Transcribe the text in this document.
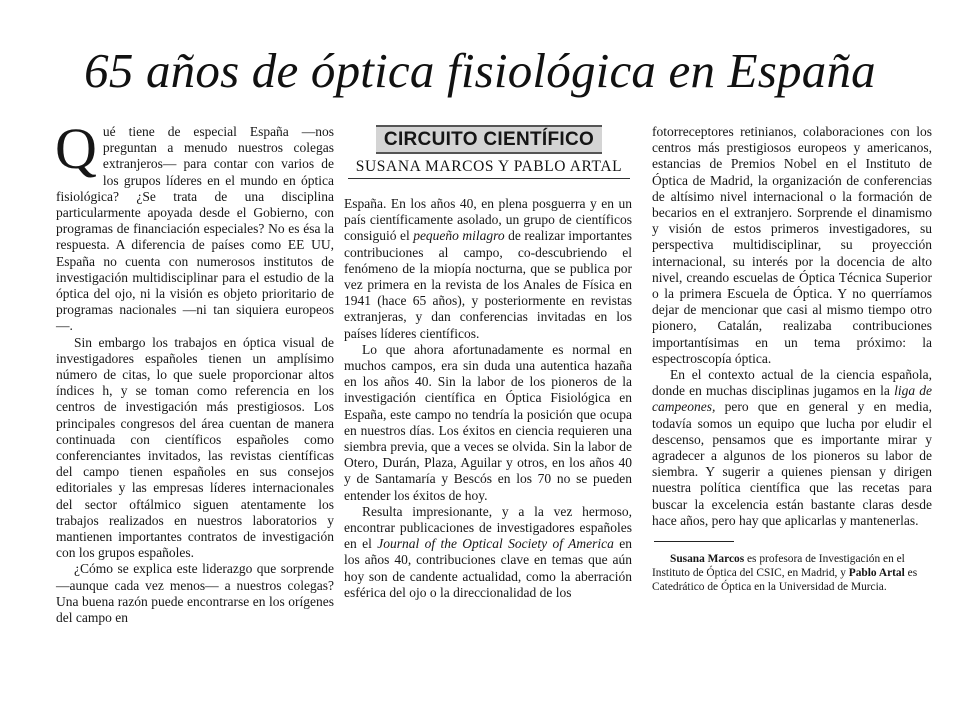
65 años de óptica fisiológica en España

Qué tiene de especial España —nos preguntan a menudo nuestros colegas extranjeros— para contar con varios de los grupos líderes en el mundo en óptica fisiológica? ¿Se trata de una disciplina particularmente apoyada desde el Gobierno, con programas de financiación especiales? No es ésa la respuesta. A diferencia de países como EE UU, España no cuenta con numerosos institutos de investigación multidisciplinar para el estudio de la óptica del ojo, ni la visión es objeto prioritario de programas nacionales —ni tan siquiera europeos—.

Sin embargo los trabajos en óptica visual de investigadores españoles tienen un amplísimo número de citas, lo que suele proporcionar altos índices h, y se toman como referencia en los centros de investigación más prestigiosos. Los principales congresos del área cuentan de manera continuada con científicos españoles como conferenciantes invitados, las revistas científicas del campo tienen españoles en sus consejos editoriales y las empresas líderes internacionales del sector oftálmico siguen atentamente los trabajos realizados en nuestros laboratorios y mantienen importantes contratos de investigación con los grupos españoles.

¿Cómo se explica este liderazgo que sorprende —aunque cada vez menos— a nuestros colegas? Una buena razón puede encontrarse en los orígenes del campo en

CIRCUITO CIENTÍFICO
SUSANA MARCOS Y PABLO ARTAL

España. En los años 40, en plena posguerra y en un país científicamente asolado, un grupo de científicos consiguió el pequeño milagro de realizar importantes contribuciones al campo, co-descubriendo el fenómeno de la miopía nocturna, que se publica por vez primera en la revista de los Anales de Física en 1941 (hace 65 años), y posteriormente en revistas extranjeras, y dan conferencias invitadas en los países líderes científicos.

Lo que ahora afortunadamente es normal en muchos campos, era sin duda una autentica hazaña en los años 40. Sin la labor de los pioneros de la investigación científica en Óptica Fisiológica en España, este campo no tendría la posición que ocupa en nuestros días. Los éxitos en ciencia requieren una siembra previa, que a veces se olvida. Sin la labor de Otero, Durán, Plaza, Aguilar y otros, en los años 40 y de Santamaría y Bescós en los 70 no se pueden entender los éxitos de hoy.

Resulta impresionante, y a la vez hermoso, encontrar publicaciones de investigadores españoles en el Journal of the Optical Society of America en los años 40, contribuciones clave en temas que aún hoy son de candente actualidad, como la aberración esférica del ojo o la direccionalidad de los

fotorreceptores retinianos, colaboraciones con los centros más prestigiosos europeos y americanos, estancias de Premios Nobel en el Instituto de Óptica de Madrid, la organización de conferencias de altísimo nivel internacional o la formación de becarios en el extranjero. Sorprende el dinamismo y visión de estos primeros investigadores, su perspectiva multidisciplinar, su proyección internacional, su interés por la docencia de alto nivel, creando escuelas de Óptica Técnica Superior o la primera Escuela de Óptica. Y no querríamos dejar de mencionar que casi al mismo tiempo otro pionero, Catalán, realizaba contribuciones importantísimas en un tema próximo: la espectroscopía óptica.

En el contexto actual de la ciencia española, donde en muchas disciplinas jugamos en la liga de campeones, pero que en general y en media, todavía somos un equipo que lucha por eludir el descenso, pensamos que es importante mirar y agradecer a algunos de los pioneros su labor de siembra. Y sugerir a quienes piensan y dirigen nuestra política científica que las recetas para buscar la excelencia están bastante claras desde hace años, pero hay que aplicarlas y mantenerlas.

Susana Marcos es profesora de Investigación en el Instituto de Óptica del CSIC, en Madrid, y Pablo Artal es Catedrático de Óptica en la Universidad de Murcia.
